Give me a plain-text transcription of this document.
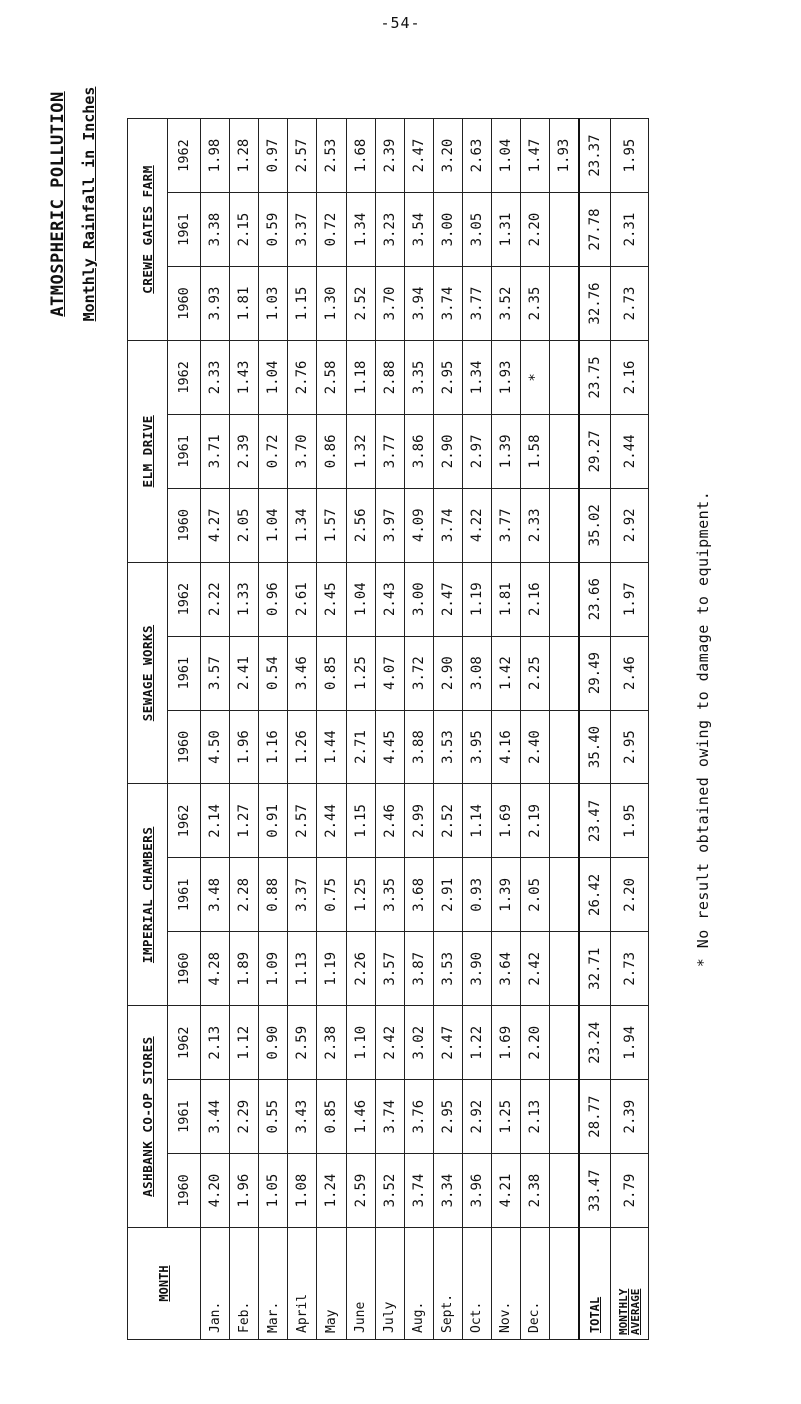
-54-
ATMOSPHERIC POLLUTION Monthly Rainfall in Inches
MONTH	ASHBANK CO-OP STORES			IMPERIAL CHAMBERS			SEWAGE WORKS			ELM DRIVE			CREWE GATES FARM		
	1960	1961	1962	1960	1961	1962	1960	1961	1962	1960	1961	1962	1960	1961	1962
Jan.	4.20	3.44	2.13	4.28	3.48	2.14	4.50	3.57	2.22	4.27	3.71	2.33	3.93	3.38	1.98
Feb.	1.96	2.29	1.12	1.89	2.28	1.27	1.96	2.41	1.33	2.05	2.39	1.43	1.81	2.15	1.28
Mar.	1.05	0.55	0.90	1.09	0.88	0.91	1.16	0.54	0.96	1.04	0.72	1.04	1.03	0.59	0.97
April	1.08	3.43	2.59	1.13	3.37	2.57	1.26	3.46	2.61	1.34	3.70	2.76	1.15	3.37	2.57
May	1.24	0.85	2.38	1.19	0.75	2.44	1.44	0.85	2.45	1.57	0.86	2.58	1.30	0.72	2.53
June	2.59	1.46	1.10	2.26	1.25	1.15	2.71	1.25	1.04	2.56	1.32	1.18	2.52	1.34	1.68
July	3.52	3.74	2.42	3.57	3.35	2.46	4.45	4.07	2.43	3.97	3.77	2.88	3.70	3.23	2.39
Aug.	3.74	3.76	3.02	3.87	3.68	2.99	3.88	3.72	3.00	4.09	3.86	3.35	3.94	3.54	2.47
Sept.	3.34	2.95	2.47	3.53	2.91	2.52	3.53	2.90	2.47	3.74	2.90	2.95	3.74	3.00	3.20
Oct.	3.96	2.92	1.22	3.90	0.93	1.14	3.95	3.08	1.19	4.22	2.97	1.34	3.77	3.05	2.63
Nov.	4.21	1.25	1.69	3.64	1.39	1.69	4.16	1.42	1.81	3.77	1.39	1.93	3.52	1.31	1.04
Dec.	2.38	2.13	2.20	2.42	2.05	2.19	2.40	2.25	2.16	2.33	1.58	*	2.35	2.20	1.47
															1.93
TOTAL	33.47	28.77	23.24	32.71	26.42	23.47	35.40	29.49	23.66	35.02	29.27	23.75	32.76	27.78	23.37

MONTHLY AVERAGE	2.79	2.39	1.94	2.73	2.20	1.95	2.95	2.46	1.97	2.92	2.44	2.16	2.73	2.31	1.95
* No result obtained owing to damage to equipment.
